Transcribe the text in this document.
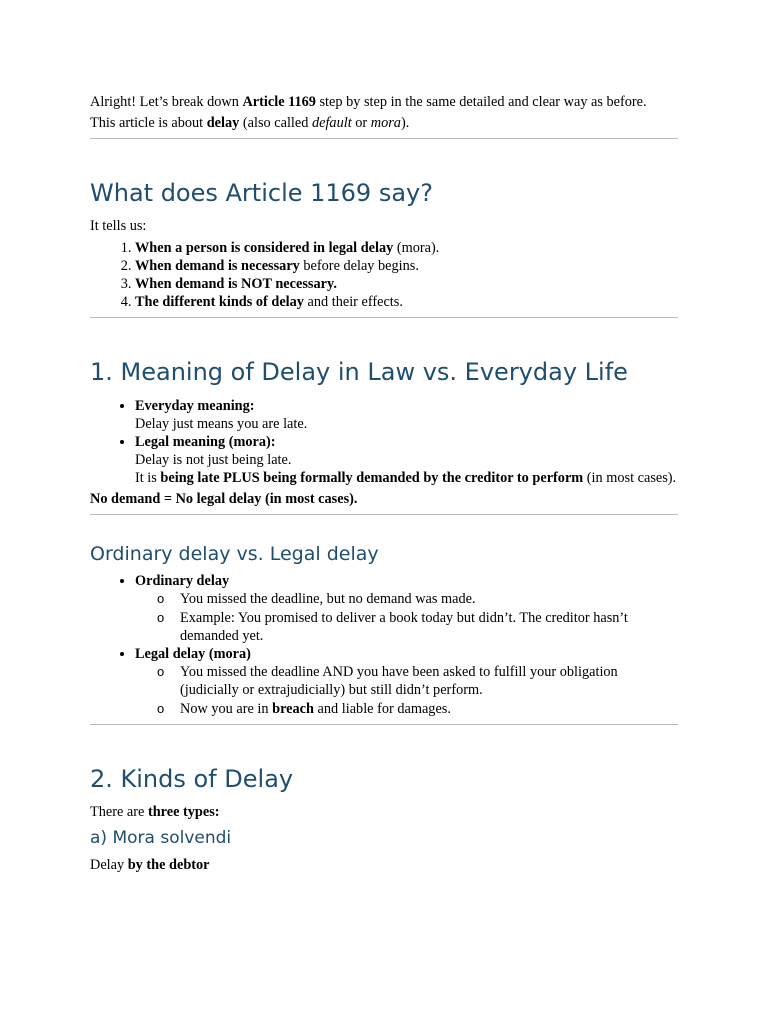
Alright! Let’s break down Article 1169 step by step in the same detailed and clear way as before.

This article is about delay (also called default or mora).

What does Article 1169 say?

It tells us:

1. When a person is considered in legal delay (mora).
2. When demand is necessary before delay begins.
3. When demand is NOT necessary.
4. The different kinds of delay and their effects.
1. Meaning of Delay in Law vs. Everyday Life
• Everyday meaning:
Delay just means you are late.
• Legal meaning (mora):
Delay is not just being late.
It is being late PLUS being formally demanded by the creditor to perform (in most cases).

No demand = No legal delay (in most cases).

Ordinary delay vs. Legal delay
• Ordinary delay
o You missed the deadline, but no demand was made.
o Example: You promised to deliver a book today but didn’t. The creditor hasn’t demanded yet.
• Legal delay (mora)
o You missed the deadline AND you have been asked to fulfill your obligation (judicially or extrajudicially) but still didn’t perform.
o Now you are in breach and liable for damages.
2. Kinds of Delay

There are three types:

a) Mora solvendi

Delay by the debtor
